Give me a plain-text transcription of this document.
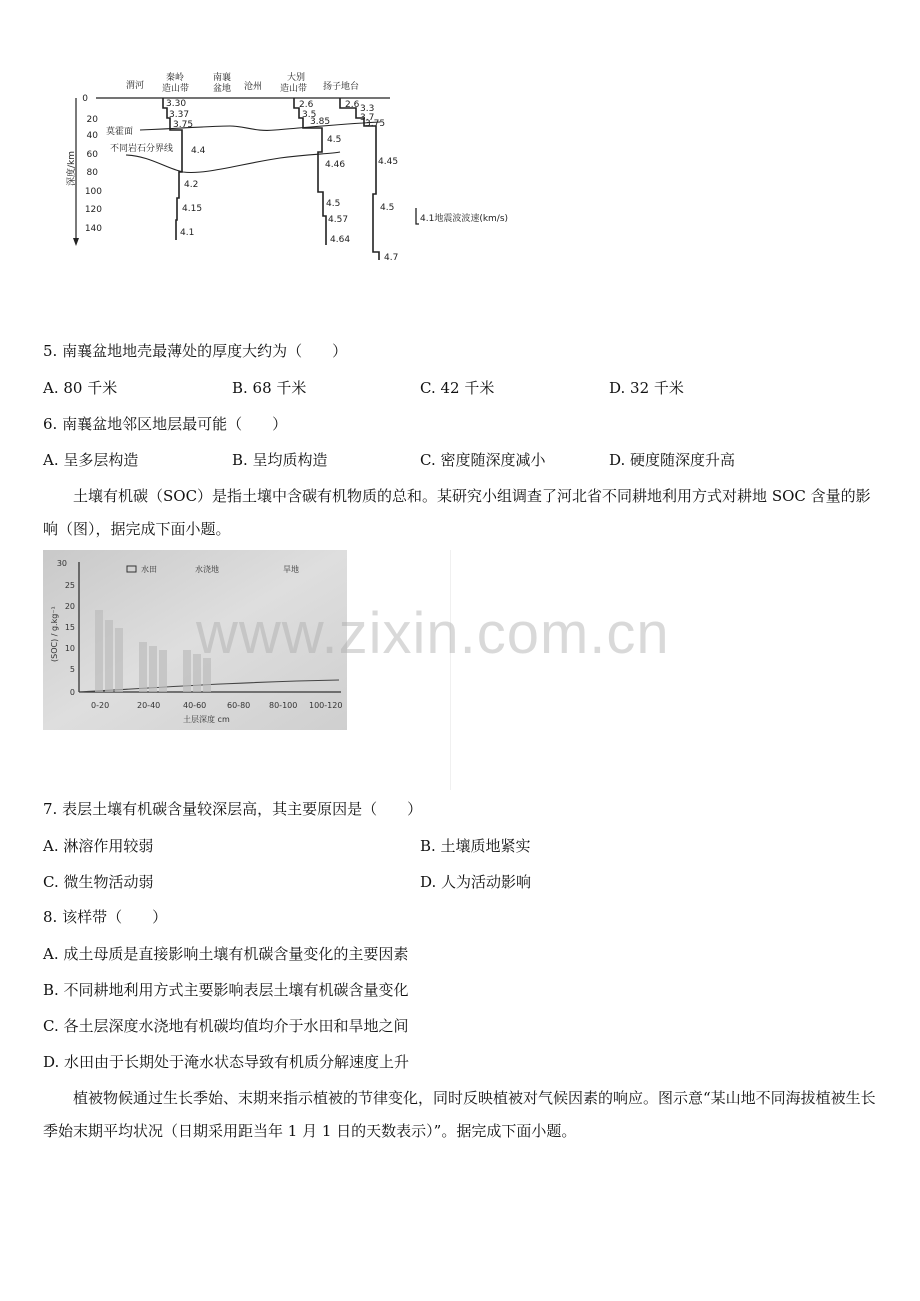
渭河
秦岭造山带
南襄盆地 沧州
大别造山带 扬子地台
深度/km
0
20
40
60
80
100
120
140
莫霍面
不同岩石分界线
3.30
3.37
3.75
4.4
4.2
4.15
4.1
2.6
3.5
3.85
4.5
4.46
4.5
4.57
4.64
2.6 3.3
3.7
3.75
4.45
4.5
4.7
4.1地震波波速(km/s)
5. 南襄盆地地壳最薄处的厚度大约为（　　）
A. 80 千米	B. 68 千米	C. 42 千米	D. 32 千米
6. 南襄盆地邻区地层最可能（　　）
A. 呈多层构造	B. 呈均质构造	C. 密度随深度减小	D. 硬度随深度升高
土壤有机碳（SOC）是指土壤中含碳有机物质的总和。某研究小组调查了河北省不同耕地利用方式对耕地 SOC 含量的影响（图），据完成下面小题。
水田	水浇地	旱地
30
25
20
15
10
5
0
(SOC) / g.kg⁻¹
0-20	20-40	40-60	60-80 80-100 100-120
土层深度 cm
www.zixin.com.cn
7. 表层土壤有机碳含量较深层高，其主要原因是（　　）
A. 淋溶作用较弱	B. 土壤质地紧实
C. 微生物活动弱	D. 人为活动影响
8. 该样带（　　）
A. 成土母质是直接影响土壤有机碳含量变化的主要因素
B. 不同耕地利用方式主要影响表层土壤有机碳含量变化
C. 各土层深度水浇地有机碳均值均介于水田和旱地之间
D. 水田由于长期处于淹水状态导致有机质分解速度上升
植被物候通过生长季始、末期来指示植被的节律变化，同时反映植被对气候因素的响应。图示意“某山地不同海拔植被生长季始末期平均状况（日期采用距当年 1 月 1 日的天数表示）”。据完成下面小题。
